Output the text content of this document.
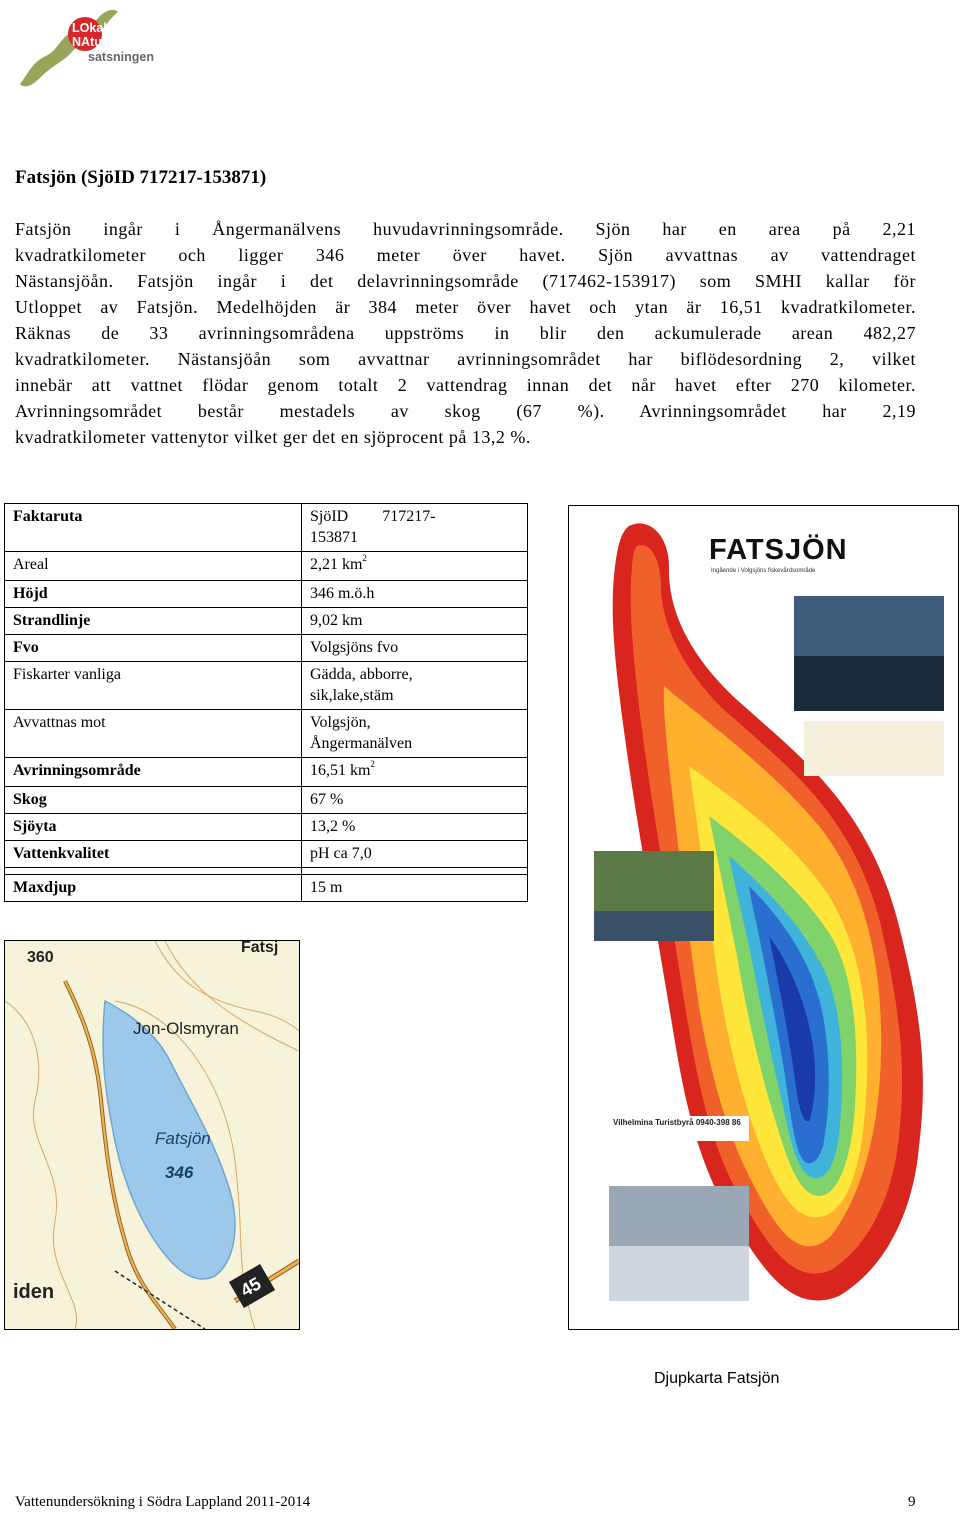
LOkala
NAturvårds
satsningen
Fatsjön (SjöID 717217-153871)
Fatsjön ingår i Ångermanälvens huvudavrinningsområde. Sjön har en area på 2,21
kvadratkilometer och ligger 346 meter över havet. Sjön avvattnas av vattendraget
Nästansjöån. Fatsjön ingår i det delavrinningsområde (717462-153917) som SMHI kallar för
Utloppet av Fatsjön. Medelhöjden är 384 meter över havet och ytan är 16,51 kvadratkilometer.
Räknas de 33 avrinningsområdena uppströms in blir den ackumulerade arean 482,27
kvadratkilometer. Nästansjöån som avvattnar avrinningsområdet har biflödesordning 2, vilket
innebär att vattnet flödar genom totalt 2 vattendrag innan det når havet efter 270 kilometer.
Avrinningsområdet består mestadels av skog (67 %). Avrinningsområdet har 2,19
kvadratkilometer vattenytor vilket ger det en sjöprocent på 13,2 %.
Faktaruta	SjöID 717217-
153871
Areal	2,21 $km^2$
Höjd	346 m.ö.h
Strandlinje	9,02 km
Fvo	Volgsjöns fvo
Fiskarter vanliga	Gädda, abborre,
sik,lake,stäm
Avvattnas mot	Volgsjön,
Ångermanälven
Avrinningsområde	16,51 $km^2$
Skog	67 %
Sjöyta	13,2 %
Vattenkvalitet	pH ca 7,0

Maxdjup	15 m
360
Fatsj
Jon-Olsmyran
Fatsjön
346
iden	45
FATSJÖN
Ingående i Volgsjöns fiskevårdsområde
Vilhelmina Turistbyrå 0940-398 86
Djupkarta Fatsjön
Vattenundersökning i Södra Lappland 2011-2014	9
